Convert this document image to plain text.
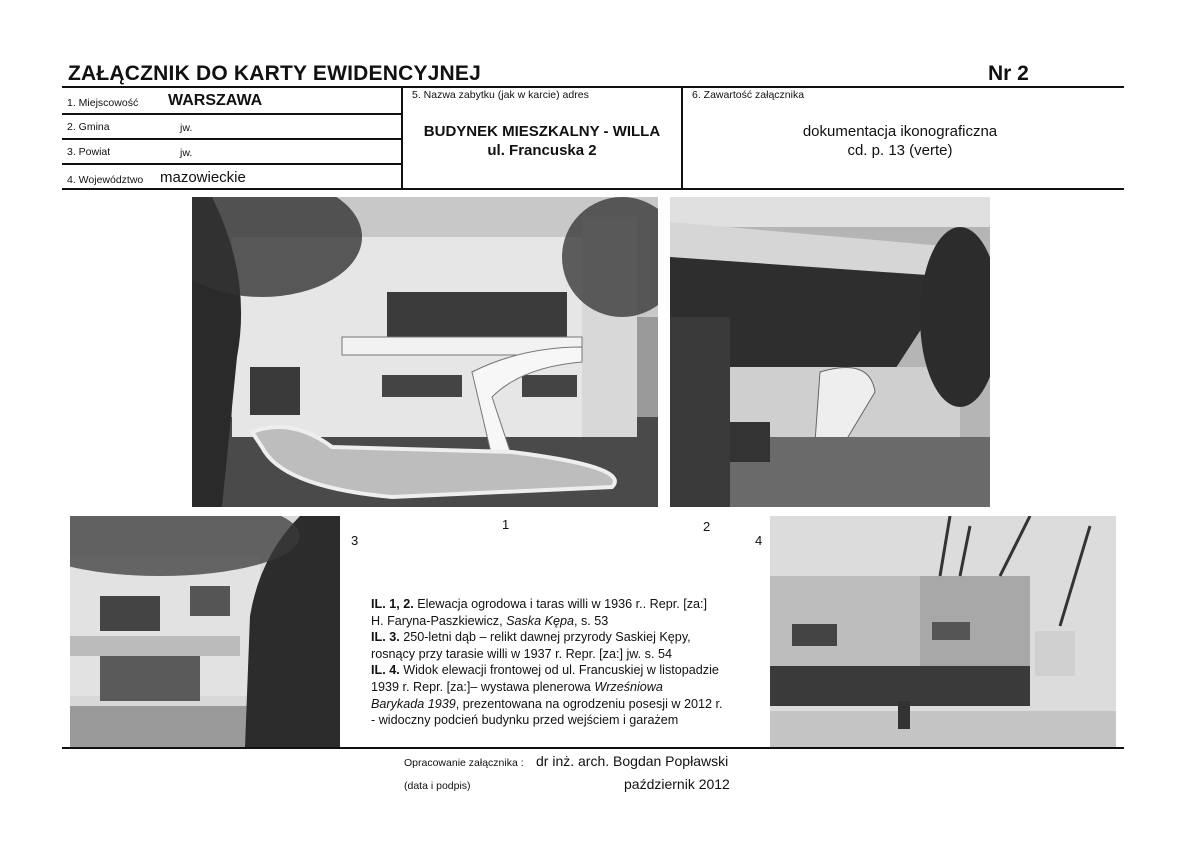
ZAŁĄCZNIK DO KARTY EWIDENCYJNEJ	Nr 2
1. Miejscowość WARSZAWA
2. Gmina	jw.
3. Powiat	jw.
4. Województwo mazowieckie
5. Nazwa zabytku (jak w karcie) adres
BUDYNEK MIESZKALNY - WILLA
ul. Francuska 2
6. Zawartość załącznika
dokumentacja ikonograficzna
cd. p. 13 (verte)
1	2
3	4
IL. 1, 2. Elewacja ogrodowa i taras willi w 1936 r.. Repr. [za:]
H. Faryna-Paszkiewicz, Saska Kępa, s. 53
IL. 3. 250-letni dąb – relikt dawnej przyrody Saskiej Kępy,
rosnący przy tarasie willi w 1937 r. Repr. [za:] jw. s. 54
IL. 4. Widok elewacji frontowej od ul. Francuskiej w listopadzie
1939 r. Repr. [za:]– wystawa plenerowa Wrześniowa
Barykada 1939, prezentowana na ogrodzeniu posesji w 2012 r.
- widoczny podcień budynku przed wejściem i garażem
Opracowanie załącznika : dr inż. arch. Bogdan Popławski
(data i podpis)	październik 2012
